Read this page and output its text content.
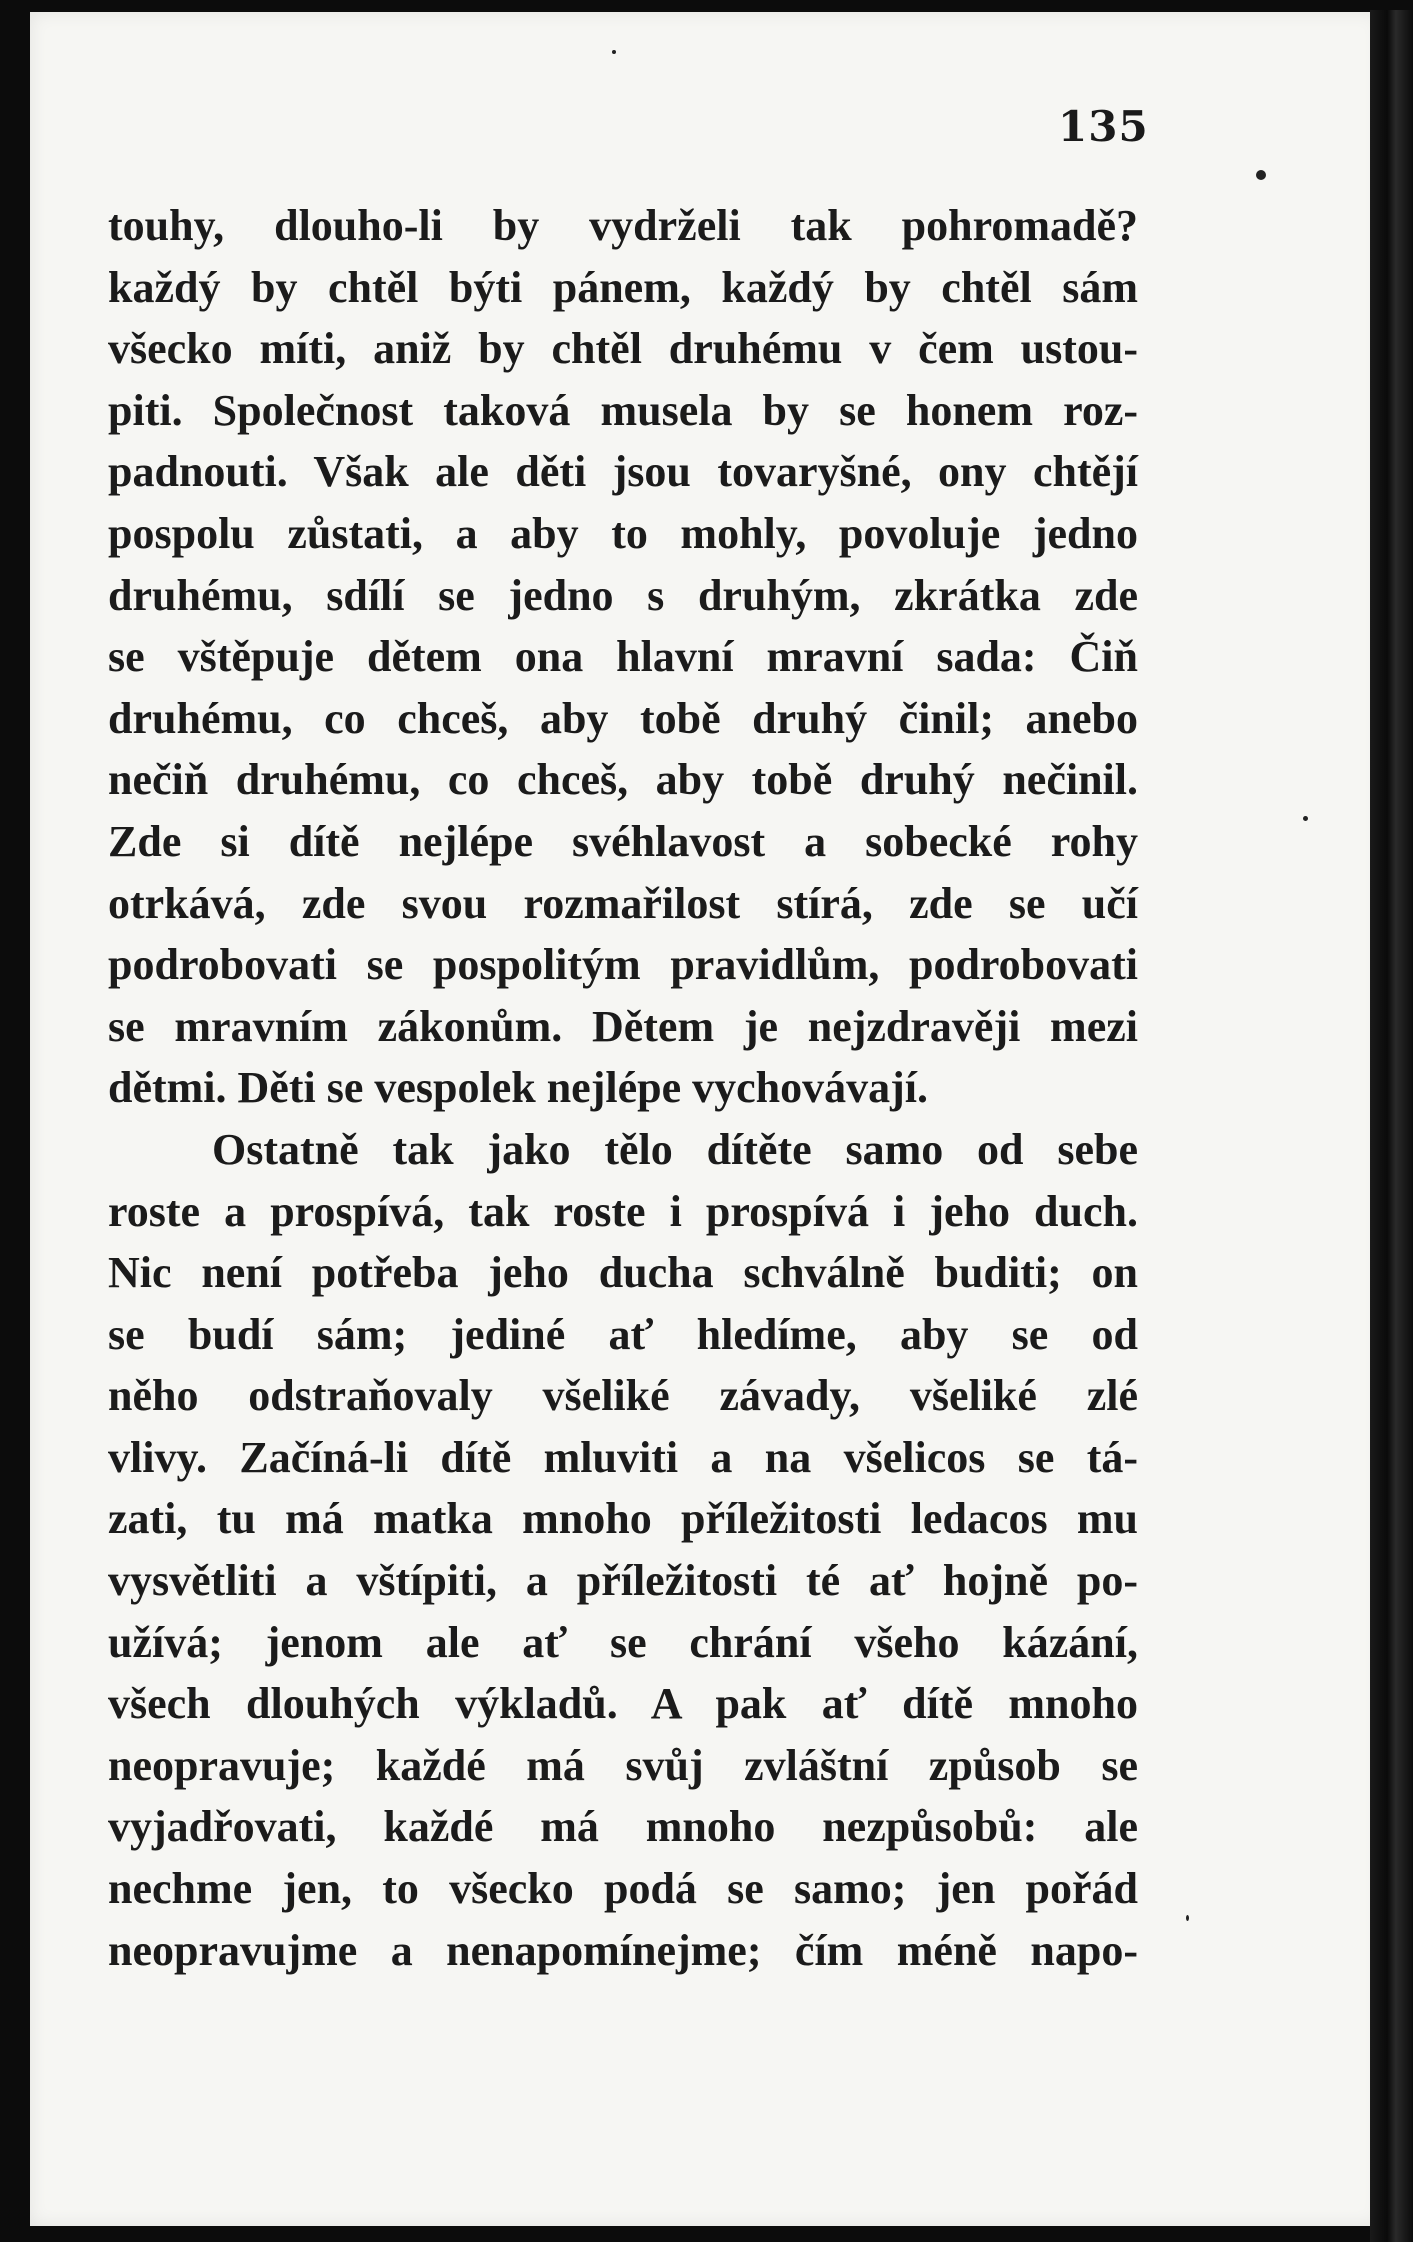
135
touhy, dlouho-li by vydrželi tak pohromadě?
každý by chtěl býti pánem, každý by chtěl sám
všecko míti, aniž by chtěl druhému v čem ustou-
piti. Společnost taková musela by se honem roz-
padnouti. Však ale děti jsou tovaryšné, ony chtějí
pospolu zůstati, a aby to mohly, povoluje jedno
druhému, sdílí se jedno s druhým, zkrátka zde
se vštěpuje dětem ona hlavní mravní sada: Čiň
druhému, co chceš, aby tobě druhý činil; anebo
nečiň druhému, co chceš, aby tobě druhý nečinil.
Zde si dítě nejlépe svéhlavost a sobecké rohy
otrkává, zde svou rozmařilost stírá, zde se učí
podrobovati se pospolitým pravidlům, podrobovati
se mravním zákonům. Dětem je nejzdravěji mezi
dětmi. Děti se vespolek nejlépe vychovávají.
Ostatně tak jako tělo dítěte samo od sebe
roste a prospívá, tak roste i prospívá i jeho duch.
Nic není potřeba jeho ducha schválně buditi; on
se budí sám; jediné ať hledíme, aby se od
něho odstraňovaly všeliké závady, všeliké zlé
vlivy. Začíná-li dítě mluviti a na všelicos se tá-
zati, tu má matka mnoho příležitosti ledacos mu
vysvětliti a vštípiti, a příležitosti té ať hojně po-
užívá; jenom ale ať se chrání všeho kázání,
všech dlouhých výkladů. A pak ať dítě mnoho
neopravuje; každé má svůj zvláštní způsob se
vyjadřovati, každé má mnoho nezpůsobů: ale
nechme jen, to všecko podá se samo; jen pořád
neopravujme a nenapomínejme; čím méně napo-
